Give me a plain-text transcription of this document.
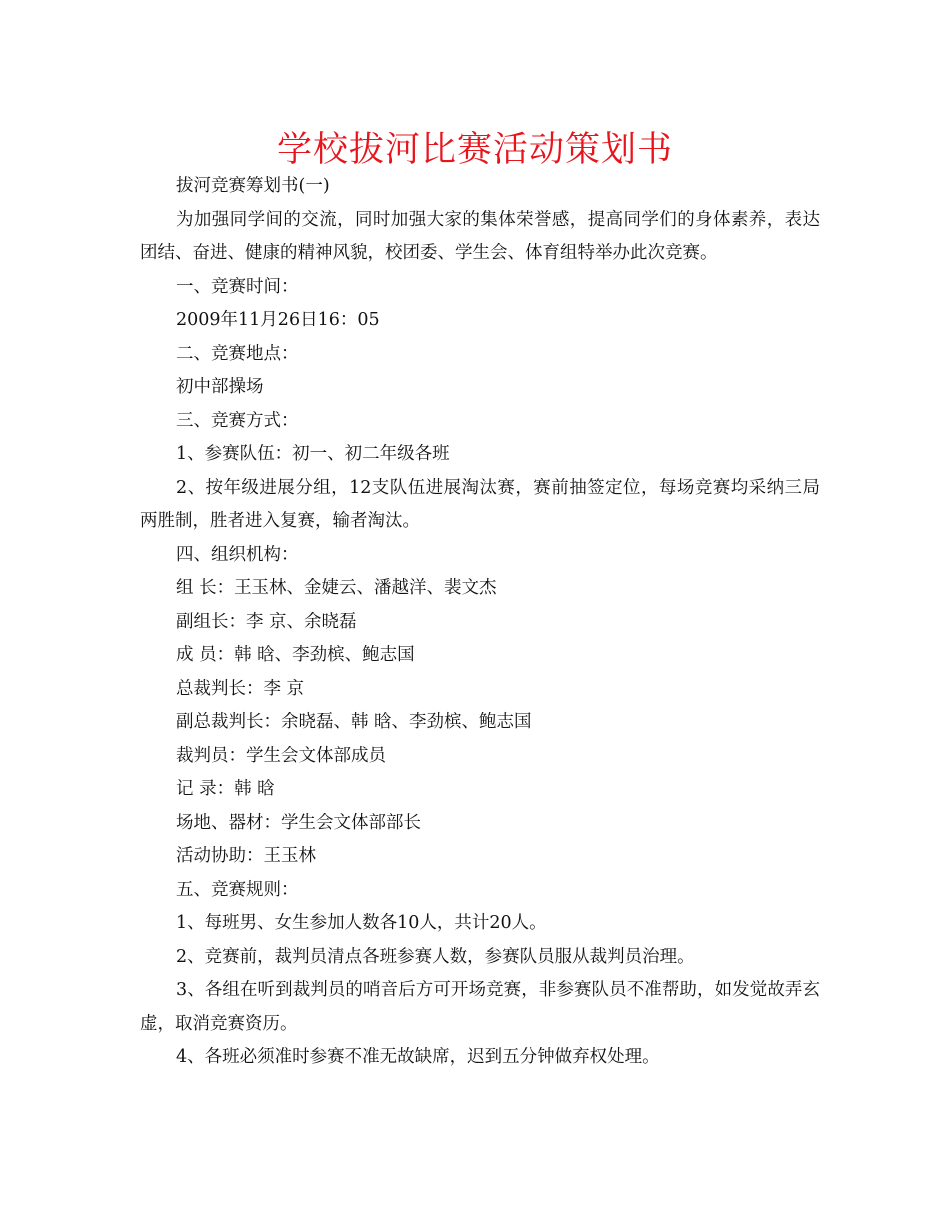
学校拔河比赛活动策划书

拔河竞赛筹划书(一)

为加强同学间的交流，同时加强大家的集体荣誉感，提高同学们的身体素养，表达团结、奋进、健康的精神风貌，校团委、学生会、体育组特举办此次竞赛。

一、竞赛时间：

2009年11月26日16：05

二、竞赛地点：

初中部操场

三、竞赛方式：

1、参赛队伍：初一、初二年级各班

2、按年级进展分组，12支队伍进展淘汰赛，赛前抽签定位，每场竞赛均采纳三局两胜制，胜者进入复赛，输者淘汰。

四、组织机构：

组 长：王玉林、金婕云、潘越洋、裴文杰

副组长：李 京、余晓磊

成 员：韩 晗、李劲槟、鲍志国

总裁判长：李 京

副总裁判长：余晓磊、韩 晗、李劲槟、鲍志国

裁判员：学生会文体部成员

记 录：韩 晗

场地、器材：学生会文体部部长

活动协助：王玉林

五、竞赛规则：

1、每班男、女生参加人数各10人，共计20人。

2、竞赛前，裁判员清点各班参赛人数，参赛队员服从裁判员治理。

3、各组在听到裁判员的哨音后方可开场竞赛，非参赛队员不准帮助，如发觉故弄玄虚，取消竞赛资历。

4、各班必须准时参赛不准无故缺席，迟到五分钟做弃权处理。
